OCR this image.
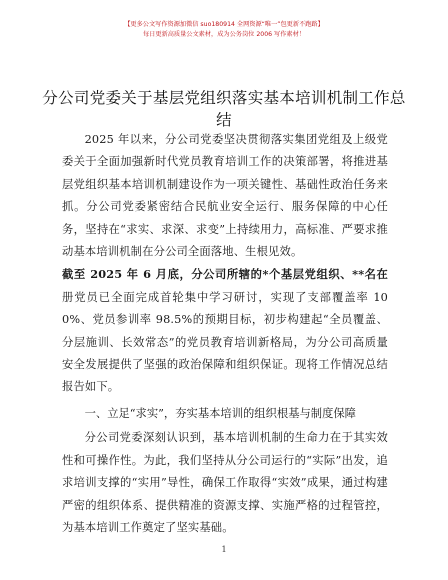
【更多公文写作资源加微信 suo180914 全网资源“唯一”包更新不跑路】
每日更新高质量公文素材，成为公务岗位 2006 写作素材！
分公司党委关于基层党组织落实基本培训机制工作总结

2025 年以来，分公司党委坚决贯彻落实集团党组及上级党委关于全面加强新时代党员教育培训工作的决策部署，将推进基层党组织基本培训机制建设作为一项关键性、基础性政治任务来抓。分公司党委紧密结合民航业安全运行、服务保障的中心任务，坚持在“求实、求深、求变”上持续用力，高标准、严要求推动基本培训机制在分公司全面落地、生根见效。

截至 2025 年 6 月底，分公司所辖的*个基层党组织、**名在册党员已全面完成首轮集中学习研讨，实现了支部覆盖率 100%、党员参训率 98.5%的预期目标，初步构建起“全员覆盖、分层施训、长效常态”的党员教育培训新格局，为分公司高质量安全发展提供了坚强的政治保障和组织保证。现将工作情况总结报告如下。

一、立足“求实”，夯实基本培训的组织根基与制度保障

分公司党委深刻认识到，基本培训机制的生命力在于其实效性和可操作性。为此，我们坚持从分公司运行的“实际”出发，追求培训支撑的“实用”导性，确保工作取得“实效”成果，通过构建严密的组织体系、提供精准的资源支撑、实施严格的过程管控，为基本培训工作奠定了坚实基础。

1
